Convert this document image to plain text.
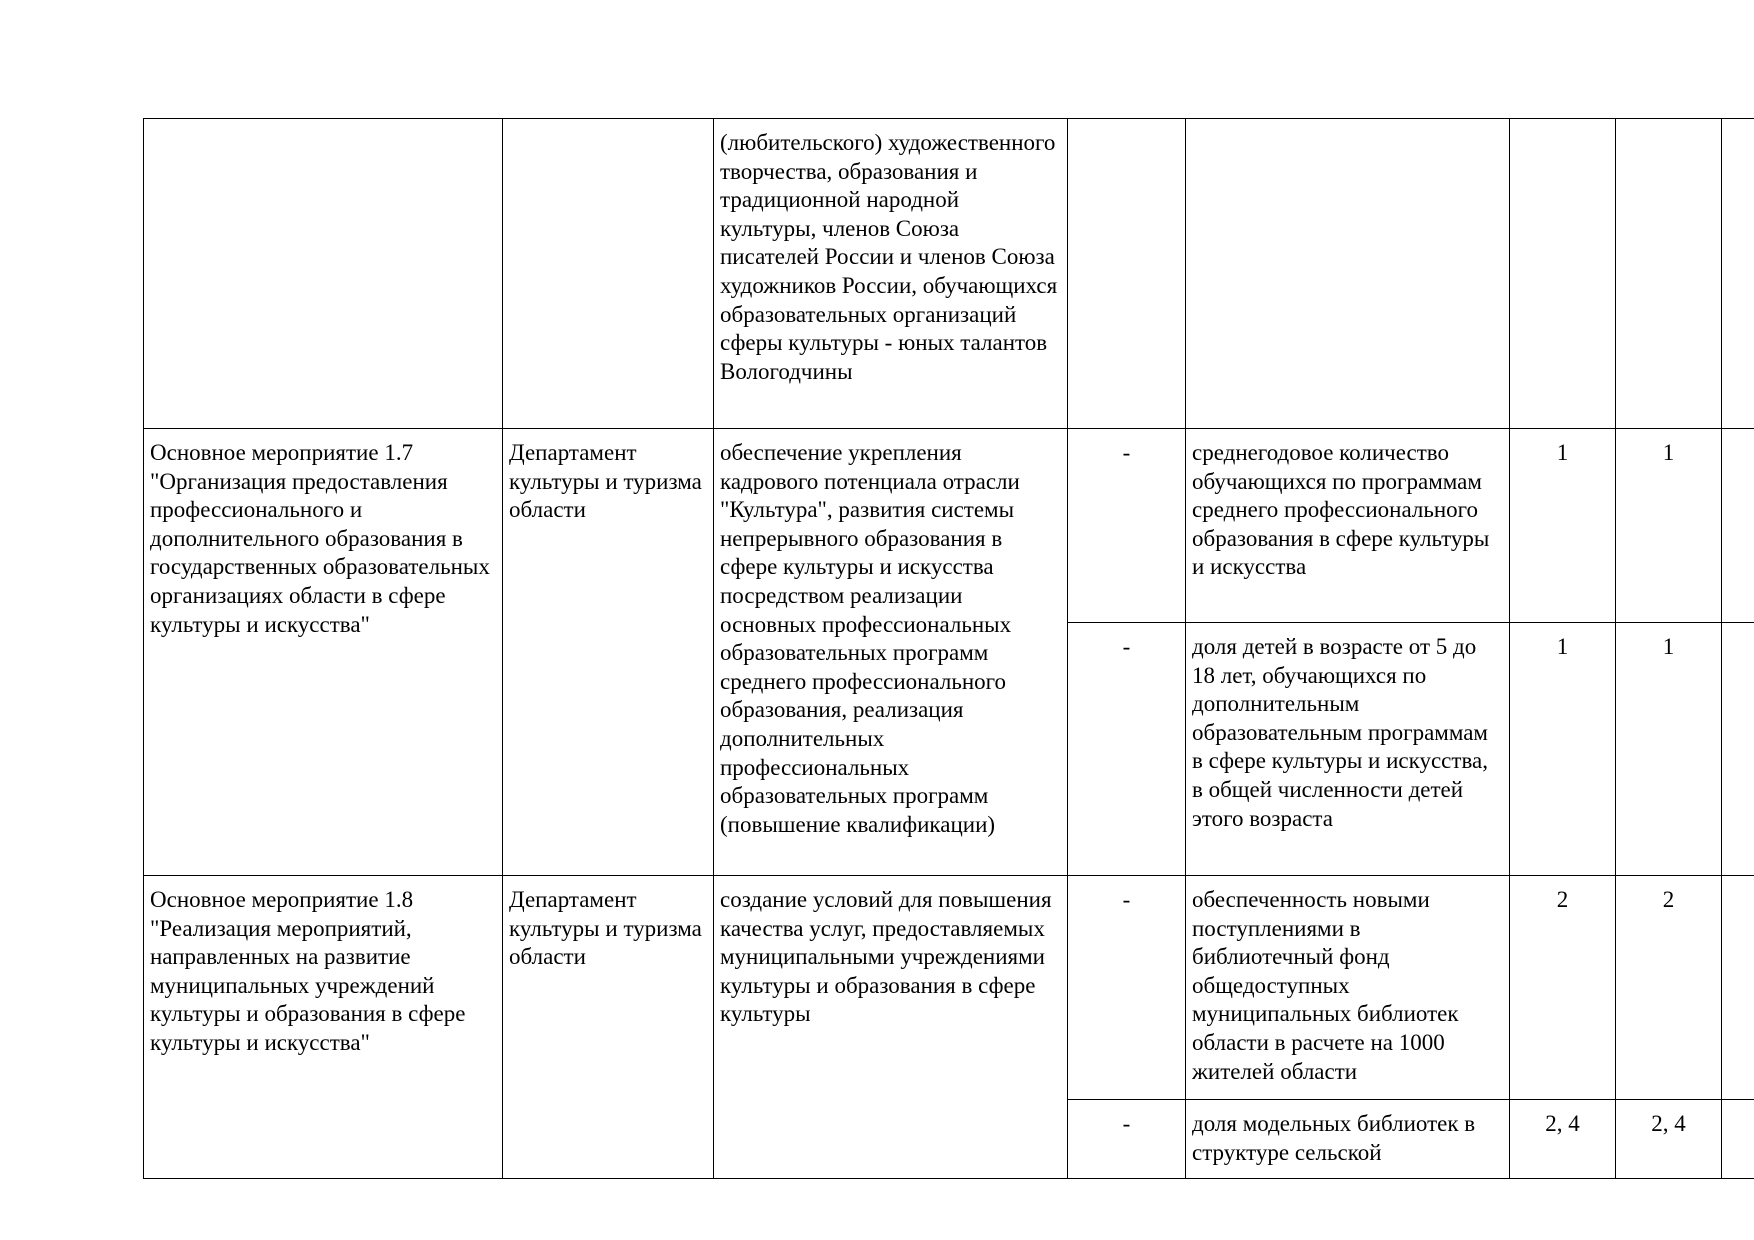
		(любительского) художественного творчества, образования и традиционной народной культуры, членов Союза писателей России и членов Союза художников России, обучающихся образовательных организаций сферы культуры - юных талантов Вологодчины					
Основное мероприятие 1.7 "Организация предоставления профессионального и дополнительного образования в государственных образовательных организациях области в сфере культуры и искусства"	Департамент культуры и туризма области	обеспечение укрепления кадрового потенциала отрасли "Культура", развития системы непрерывного образования в сфере культуры и искусства посредством реализации основных профессиональных образовательных программ среднего профессионального образования, реализация дополнительных профессиональных образовательных программ (повышение квалификации)	-	среднегодовое количество обучающихся по программам среднего профессионального образования в сфере культуры и искусства	1	1	
			-	доля детей в возрасте от 5 до 18 лет, обучающихся по дополнительным образовательным программам в сфере культуры и искусства, в общей численности детей этого возраста	1	1	
Основное мероприятие 1.8 "Реализация мероприятий, направленных на развитие муниципальных учреждений культуры и образования в сфере культуры и искусства"	Департамент культуры и туризма области	создание условий для повышения качества услуг, предоставляемых муниципальными учреждениями культуры и образования в сфере культуры	-	обеспеченность новыми поступлениями в библиотечный фонд общедоступных муниципальных библиотек области в расчете на 1000 жителей области	2	2	
			-	доля модельных библиотек в структуре сельской	2, 4	2, 4	
